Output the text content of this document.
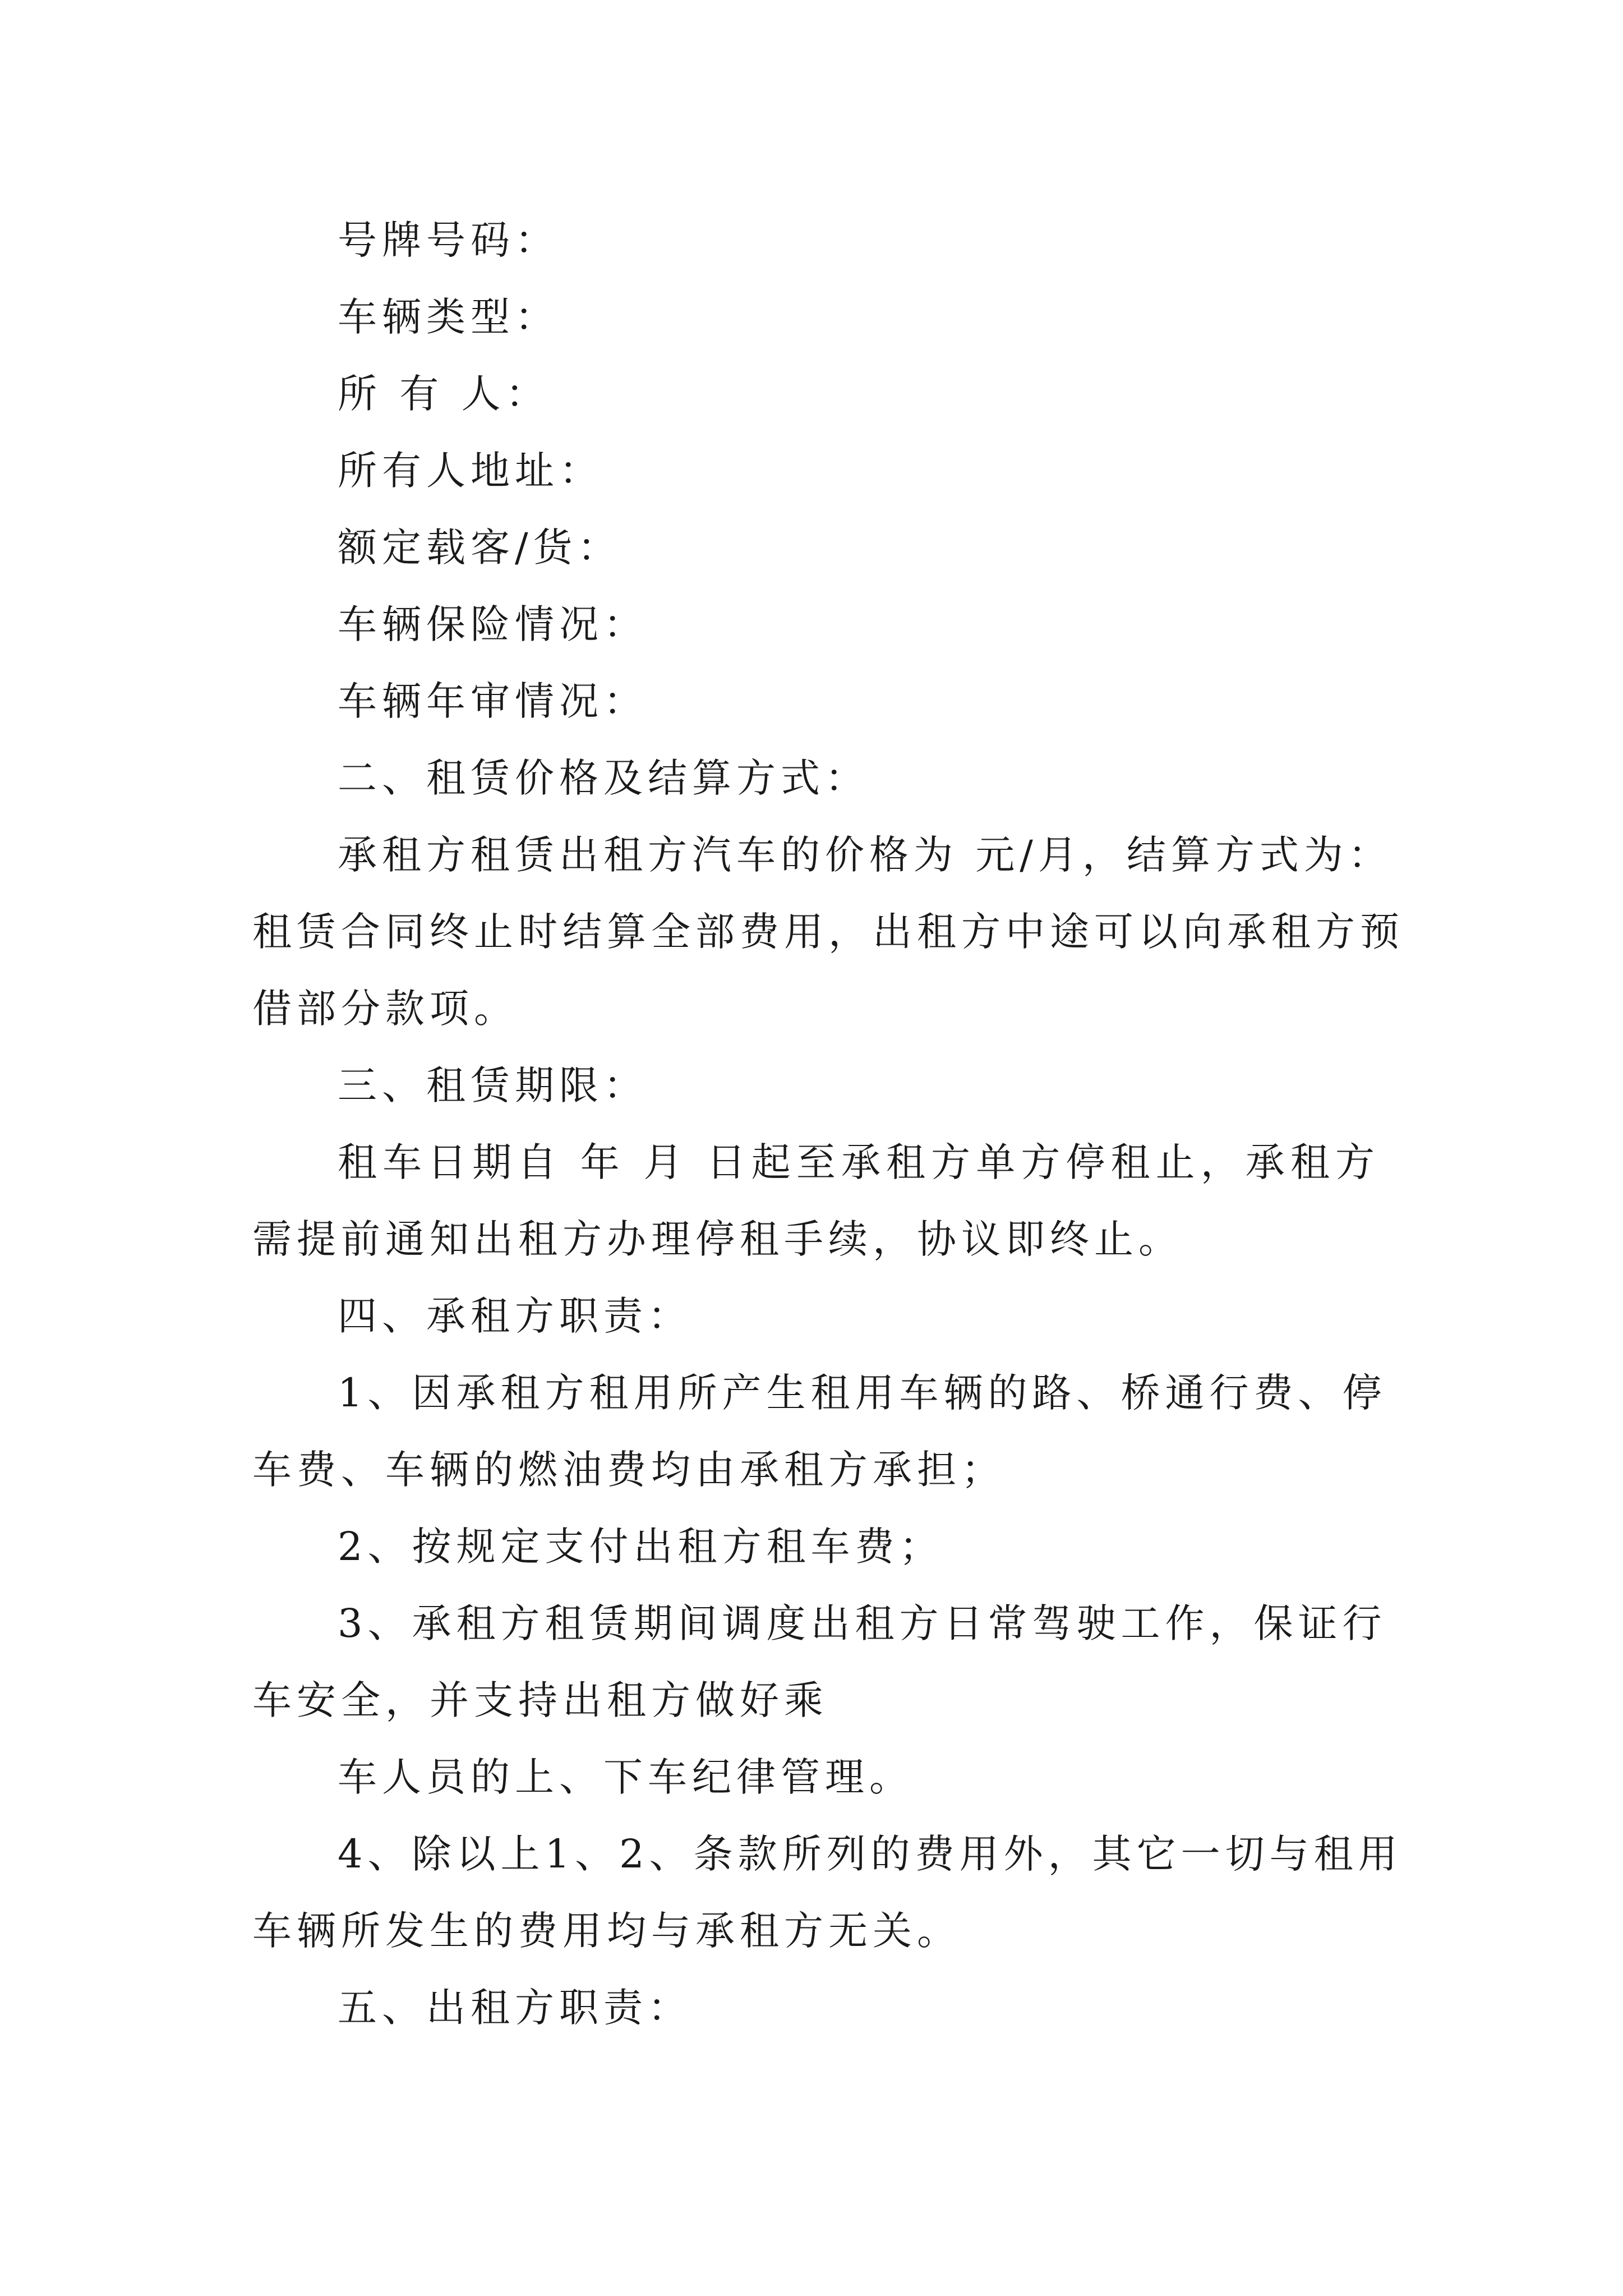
号牌号码：
车辆类型：
所 有 人：
所有人地址：
额定载客/货：
车辆保险情况：
车辆年审情况：
二、租赁价格及结算方式：
承租方租赁出租方汽车的价格为 元/月，结算方式为：
租赁合同终止时结算全部费用，出租方中途可以向承租方预
借部分款项。
三、租赁期限：
租车日期自 年 月 日起至承租方单方停租止，承租方
需提前通知出租方办理停租手续，协议即终止。
四、承租方职责：
1、因承租方租用所产生租用车辆的路、桥通行费、停
车费、车辆的燃油费均由承租方承担；
2、按规定支付出租方租车费；
3、承租方租赁期间调度出租方日常驾驶工作，保证行
车安全，并支持出租方做好乘
车人员的上、下车纪律管理。
4、除以上1、2、条款所列的费用外，其它一切与租用
车辆所发生的费用均与承租方无关。
五、出租方职责：
